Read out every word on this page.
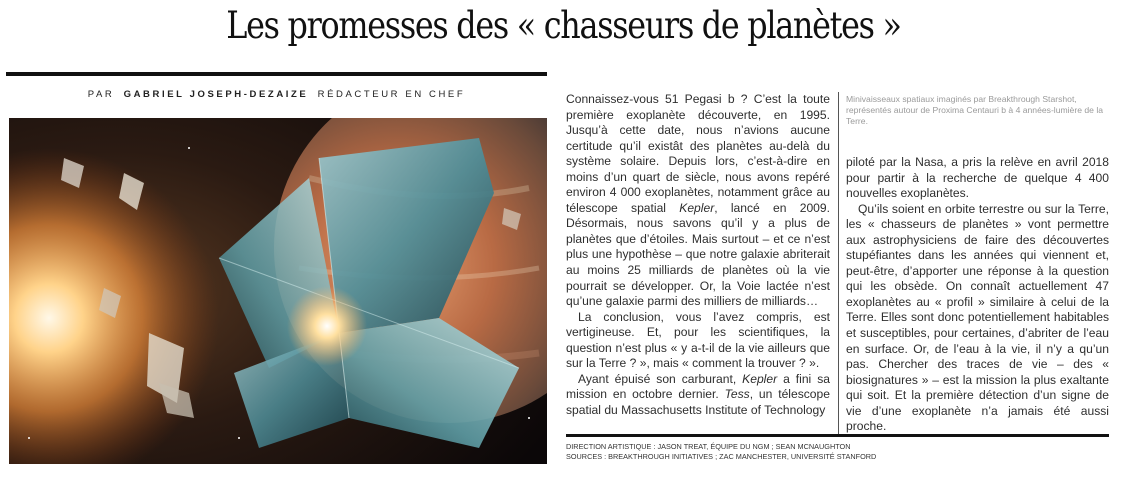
Les promesses des « chasseurs de planètes »
PAR GABRIEL JOSEPH-DEZAIZE RÉDACTEUR EN CHEF	Connaissez-vous 51 Pegasi b ? C’est la toute première exoplanète découverte, en 1995. Jusqu’à cette date, nous n’avions aucune certitude qu’il existât des planètes au-delà du système solaire. Depuis lors, c’est-à-dire en moins d’un quart de siècle, nous avons repéré environ 4 000 exoplanètes, notamment grâce au télescope spatial Kepler, lancé en 2009. Désormais, nous savons qu’il y a plus de planètes que d’étoiles. Mais surtout – et ce n’est plus une hypothèse – que notre galaxie abriterait au moins 25 milliards de planètes où la vie pourrait se développer. Or, la Voie lactée n’est qu’une galaxie parmi des milliers de milliards…

La conclusion, vous l’avez compris, est vertigineuse. Et, pour les scientifiques, la question n’est plus « y a-t-il de la vie ailleurs que sur la Terre ? », mais « comment la trouver ? ».

Ayant épuisé son carburant, Kepler a fini sa mission en octobre dernier. Tess, un télescope spatial du Massachusetts Institute of Technology

Minivaisseaux spatiaux imaginés par Breakthrough Starshot, représentés autour de Proxima Centauri b à 4 années-lumière de la Terre.

piloté par la Nasa, a pris la relève en avril 2018 pour partir à la recherche de quelque 4 400 nouvelles exoplanètes.

Qu’ils soient en orbite terrestre ou sur la Terre, les « chasseurs de planètes » vont permettre aux astrophysiciens de faire des découvertes stupéfiantes dans les années qui viennent et, peut-être, d’apporter une réponse à la question qui les obsède. On connaît actuellement 47 exoplanètes au « profil » similaire à celui de la Terre. Elles sont donc potentiellement habitables et susceptibles, pour certaines, d’abriter de l’eau en surface. Or, de l’eau à la vie, il n’y a qu’un pas. Chercher des traces de vie – des « biosignatures » – est la mission la plus exaltante qui soit. Et la première détection d’un signe de vie d’une exoplanète n’a jamais été aussi proche.

DIRECTION ARTISTIQUE : JASON TREAT, ÉQUIPE DU NGM ; SEAN MCNAUGHTON
SOURCES : BREAKTHROUGH INITIATIVES ; ZAC MANCHESTER, UNIVERSITÉ STANFORD
